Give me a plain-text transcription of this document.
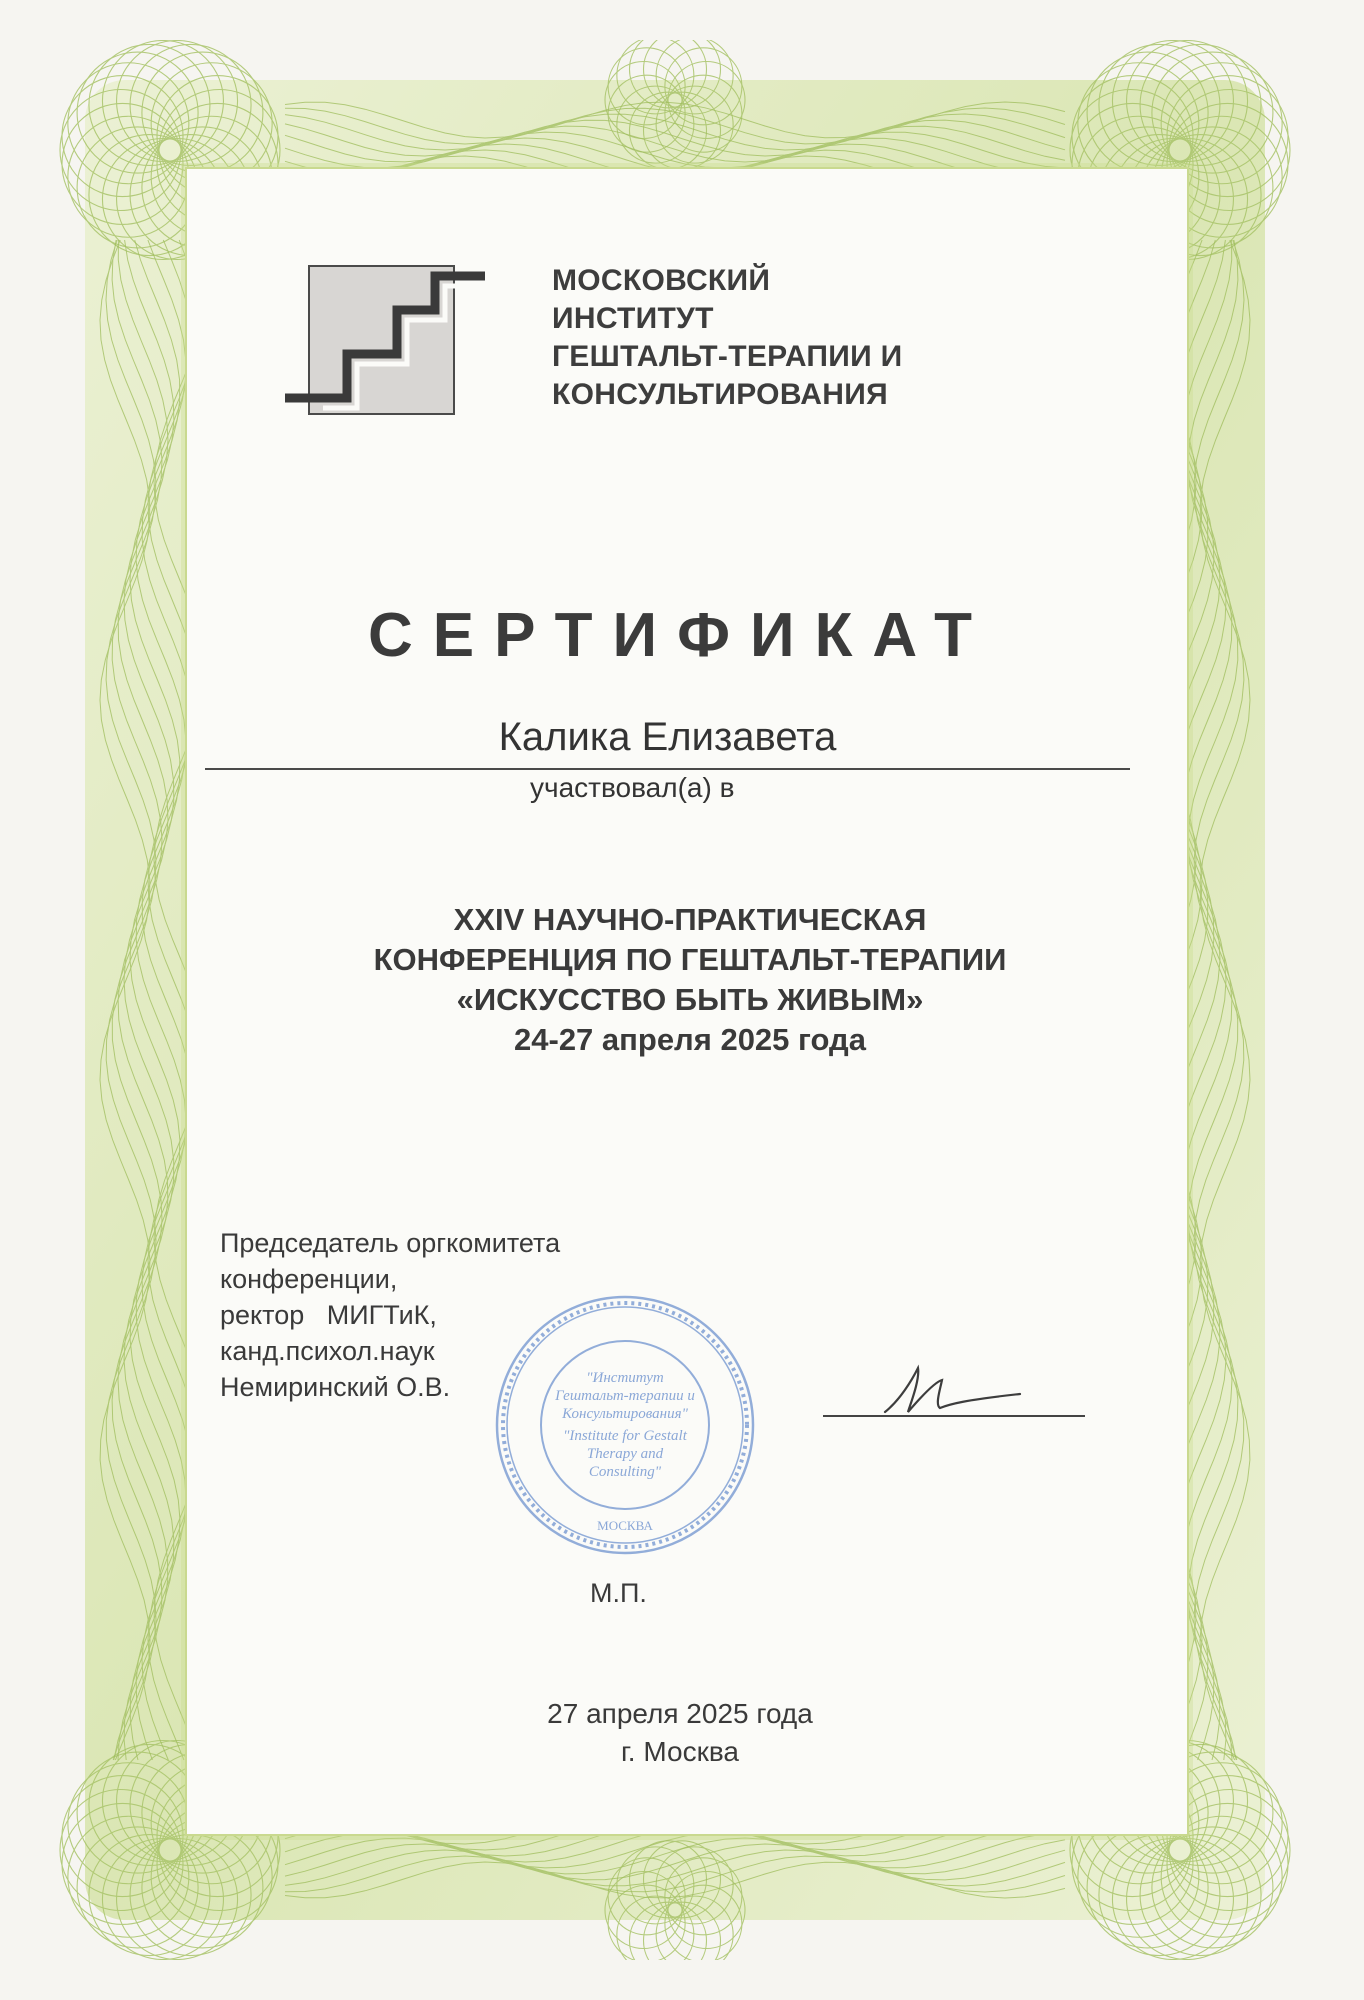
МОСКОВСКИЙ
ИНСТИТУТ
ГЕШТАЛЬТ-ТЕРАПИИ И
КОНСУЛЬТИРОВАНИЯ
СЕРТИФИКАТ
Калика Елизавета
участвовал(а) в
XXIV НАУЧНО-ПРАКТИЧЕСКАЯ
КОНФЕРЕНЦИЯ ПО ГЕШТАЛЬТ-ТЕРАПИИ
«ИСКУССТВО БЫТЬ ЖИВЫМ»
24-27 апреля 2025 года
Председатель оргкомитета
конференции,
ректор   МИГТиК,
канд.психол.наук
Немиринский О.В.	"Институт
Гештальт-терапии и
Консультирования"
"Institute for Gestalt
Therapy and
Consulting"
МОСКВА
М.П.
27 апреля 2025 года
г. Москва
